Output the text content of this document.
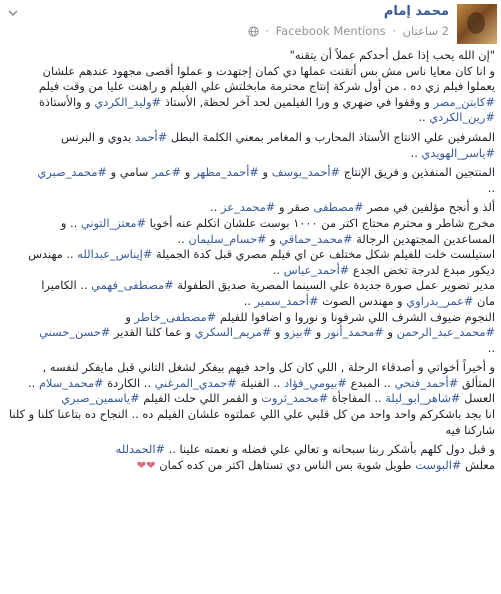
محمد إمام
2 ساعتان · Facebook Mentions ·

"إن الله يحب إذا عمل أحدكم عملاً أن يتقنه"
و انا كان معايا ناس مش بس أتقنت عملها دي كمان إجتهدت و عملوا أقصى مجهود عندهم علشان
يعملوا فيلم زي ده . من أول شركة إنتاج محترمة مابخلتش علي الفيلم و راهنت عليا من وقت فيلم
#كابتن_مصر و وقفوا في ضهري و ورا الفيلمين لحد آخر لحظة, الأستاذ #وليد_الكردي و والأستاذة
#رين_الكردي ..

المشرفين علي الانتاج الأستاذ المحارب و المغامر بمعني الكلمة البطل #أحمد بدوي و البرنس
#ياسر_الهويدي ..

المنتجين المنفذين و فريق الإنتاج #أحمد_يوسف و #أحمد_مظهر و #عمر سامي و #محمد_صبري
..

ألذ و أنجح مؤلفين في مصر #مصطفى صقر و #محمد_عز ..
مخرج شاطر و محترم محتاج اكتر من ١٠٠٠ بوست علشان اتكلم عنه أخويا #معتز_التوني .. و
المساعدين المجتهدين الرجالة #محمد_حماقي و #حسام_سليمان ..
استيلست خلت للفيلم شكل مختلف عن اي فيلم مصري قبل كدة الجميلة #إيناس_عبدالله .. مهندس
ديكور مبدع لدرجة تخض الجدع #أحمد_عباس ..
مدير تصوير عمل صورة جديدة علي السينما المصرية صديق الطفولة #مصطفى_فهمي .. الكاميرا
مان #عمر_بدراوي و مهندس الصوت #أحمد_سمير ..
النجوم ضيوف الشرف اللي شرفونا و نوروا و اضافوا للفيلم #مصطفى_خاطر و
#محمد_عبد_الرحمن و #محمد_أنور و #بيزو و #مريم_السكري و عما كلنا القدير #حسن_حسني
..

و أخيراً أخواتي و أصدقاء الرحلة , اللي كان كل واحد فيهم بيفكر لشغل التاني قبل مايفكر لنفسه ,
المتألق #أحمد_فتحي .. المبدع #بيومي_فؤاد .. الفنيلة #حمدي_المرغني .. الكاردة #محمد_سلام ..
العسل #شاهر_ابو_ليلة .. المفاجأة #محمد_ثروت و القمر اللي حلت الفيلم #ياسمين_صبري
انا بجد باشكركم واحد واحد من كل قلبي علي اللي عملتوه علشان الفيلم ده .. النجاح ده بتاعنا كلنا و كلنا
شاركنا فيه

و قبل دول كلهم بأشكر ربنا سبحانه و تعالي علي فضله و نعمته علينا .. #الحمدلله
معلش #البوست طويل شوية بس الناس دي تستاهل اكتر من كده كمان ❤❤
